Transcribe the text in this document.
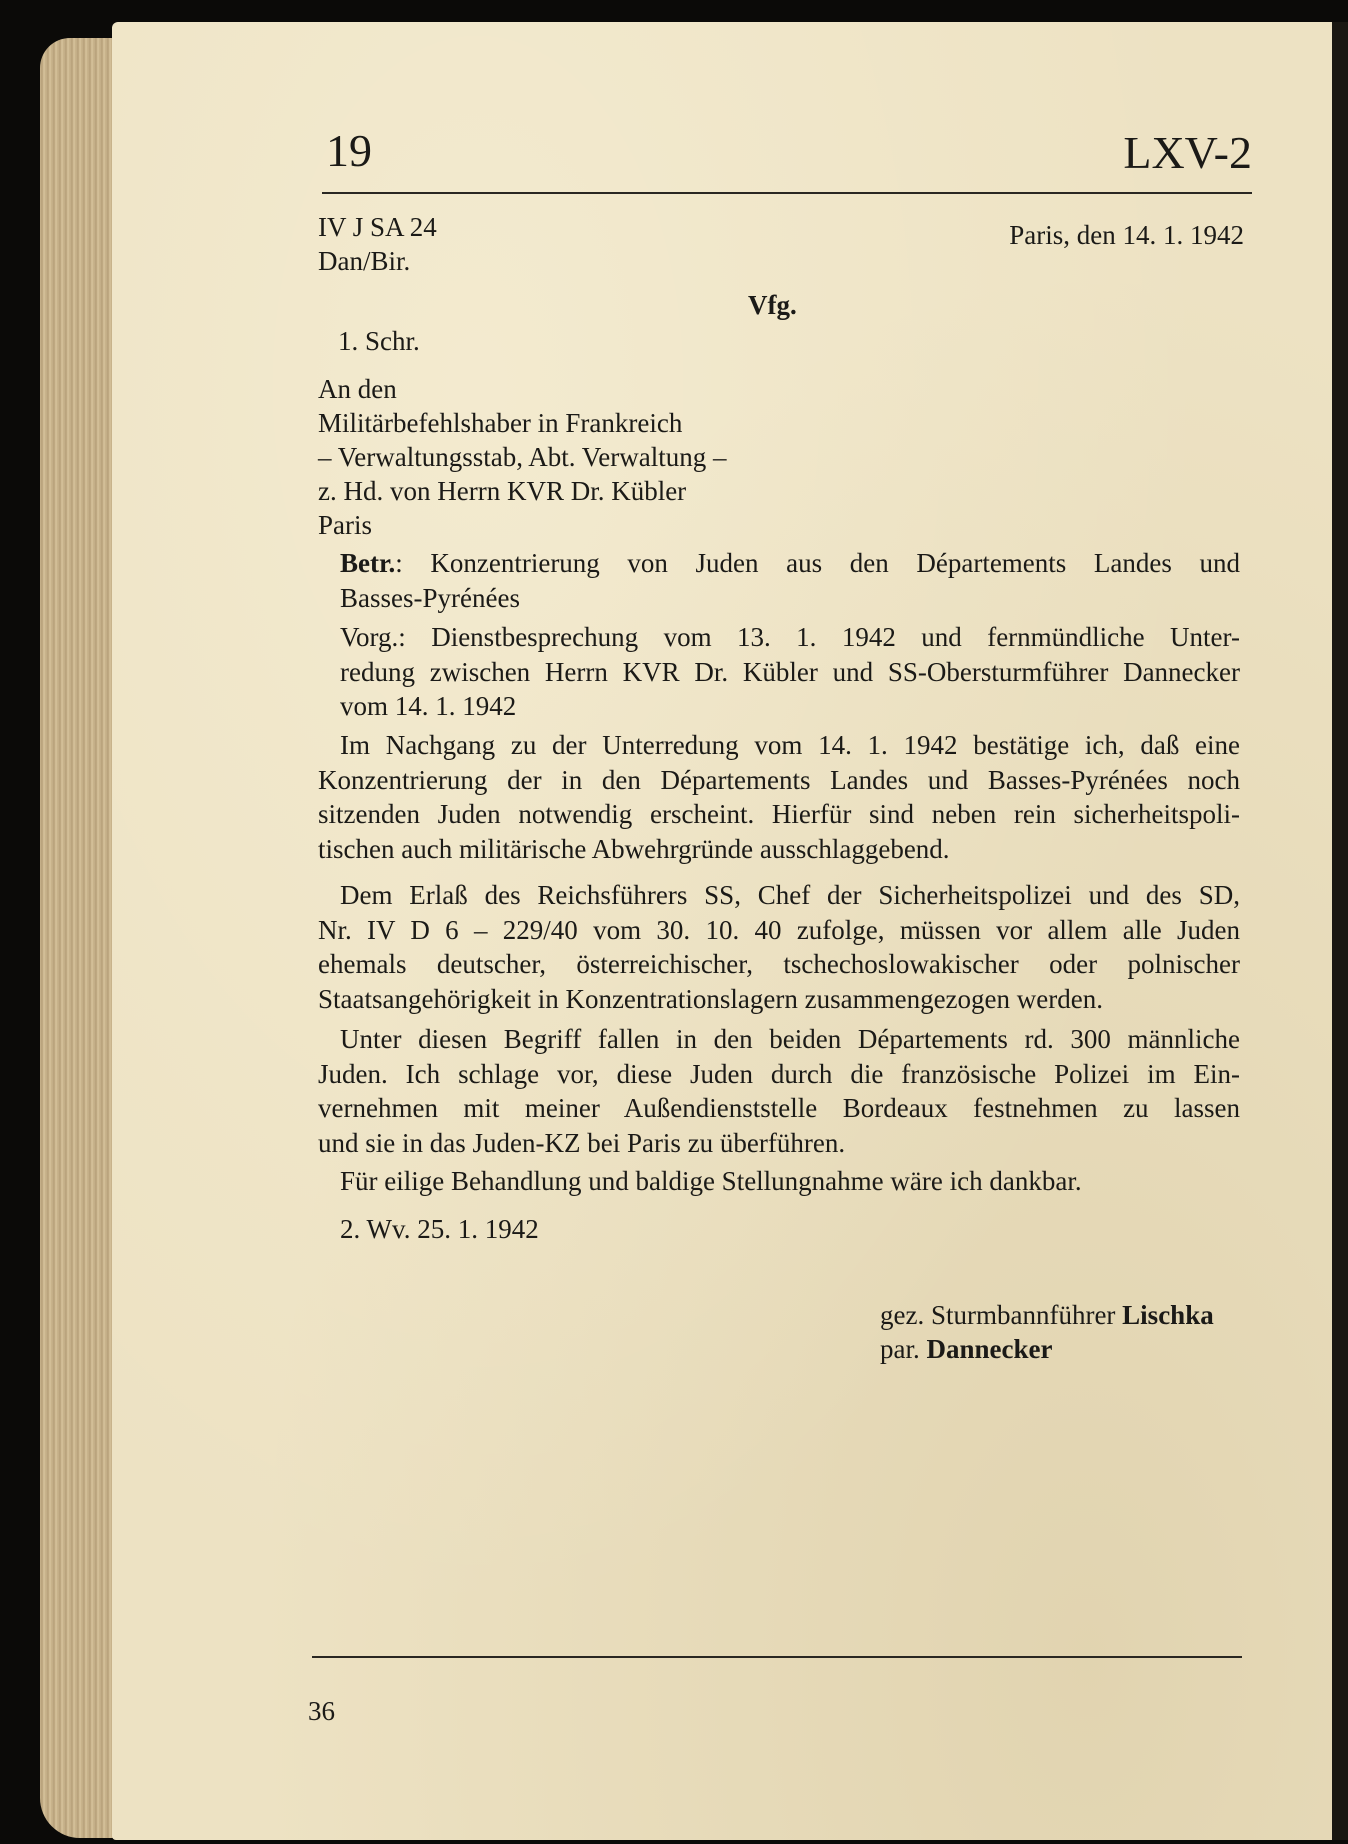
19	LXV-2
IV J SA 24
Dan/Bir.
Paris, den 14. 1. 1942
Vfg.
1. Schr.
An den
Militärbefehlshaber in Frankreich
– Verwaltungsstab, Abt. Verwaltung –
z. Hd. von Herrn KVR Dr. Kübler
Paris
Betr.: Konzentrierung von Juden aus den Départements Landes und
Basses-Pyrénées
Vorg.: Dienstbesprechung vom 13. 1. 1942 und fernmündliche Unter-
redung zwischen Herrn KVR Dr. Kübler und SS-Obersturmführer Dannecker
vom 14. 1. 1942
Im Nachgang zu der Unterredung vom 14. 1. 1942 bestätige ich, daß eine
Konzentrierung der in den Départements Landes und Basses-Pyrénées noch
sitzenden Juden notwendig erscheint. Hierfür sind neben rein sicherheitspoli-
tischen auch militärische Abwehrgründe ausschlaggebend.
Dem Erlaß des Reichsführers SS, Chef der Sicherheitspolizei und des SD,
Nr. IV D 6 – 229/40 vom 30. 10. 40 zufolge, müssen vor allem alle Juden
ehemals deutscher, österreichischer, tschechoslowakischer oder polnischer
Staatsangehörigkeit in Konzentrationslagern zusammengezogen werden.
Unter diesen Begriff fallen in den beiden Départements rd. 300 männliche
Juden. Ich schlage vor, diese Juden durch die französische Polizei im Ein-
vernehmen mit meiner Außendienststelle Bordeaux festnehmen zu lassen
und sie in das Juden-KZ bei Paris zu überführen.
Für eilige Behandlung und baldige Stellungnahme wäre ich dankbar.
2. Wv. 25. 1. 1942
gez. Sturmbannführer Lischka
par. Dannecker
36
